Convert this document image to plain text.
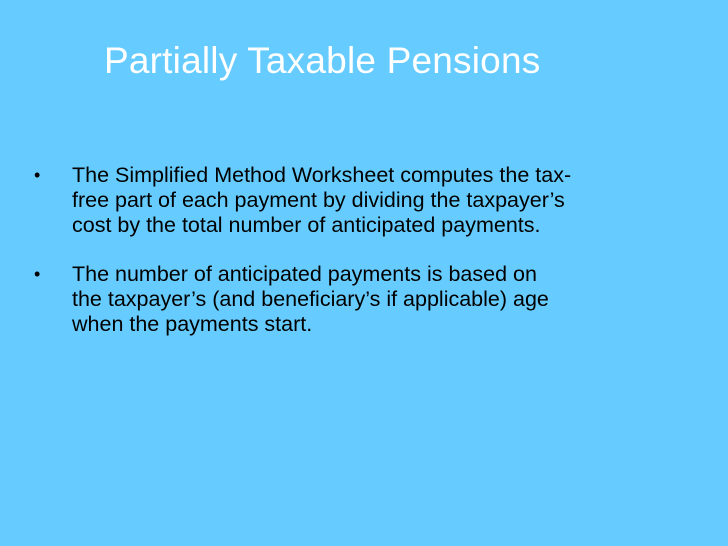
Partially Taxable Pensions
• The Simplified Method Worksheet computes the tax-
free part of each payment by dividing the taxpayer’s
cost by the total number of anticipated payments.
• The number of anticipated payments is based on
the taxpayer’s (and beneficiary’s if applicable) age
when the payments start.
